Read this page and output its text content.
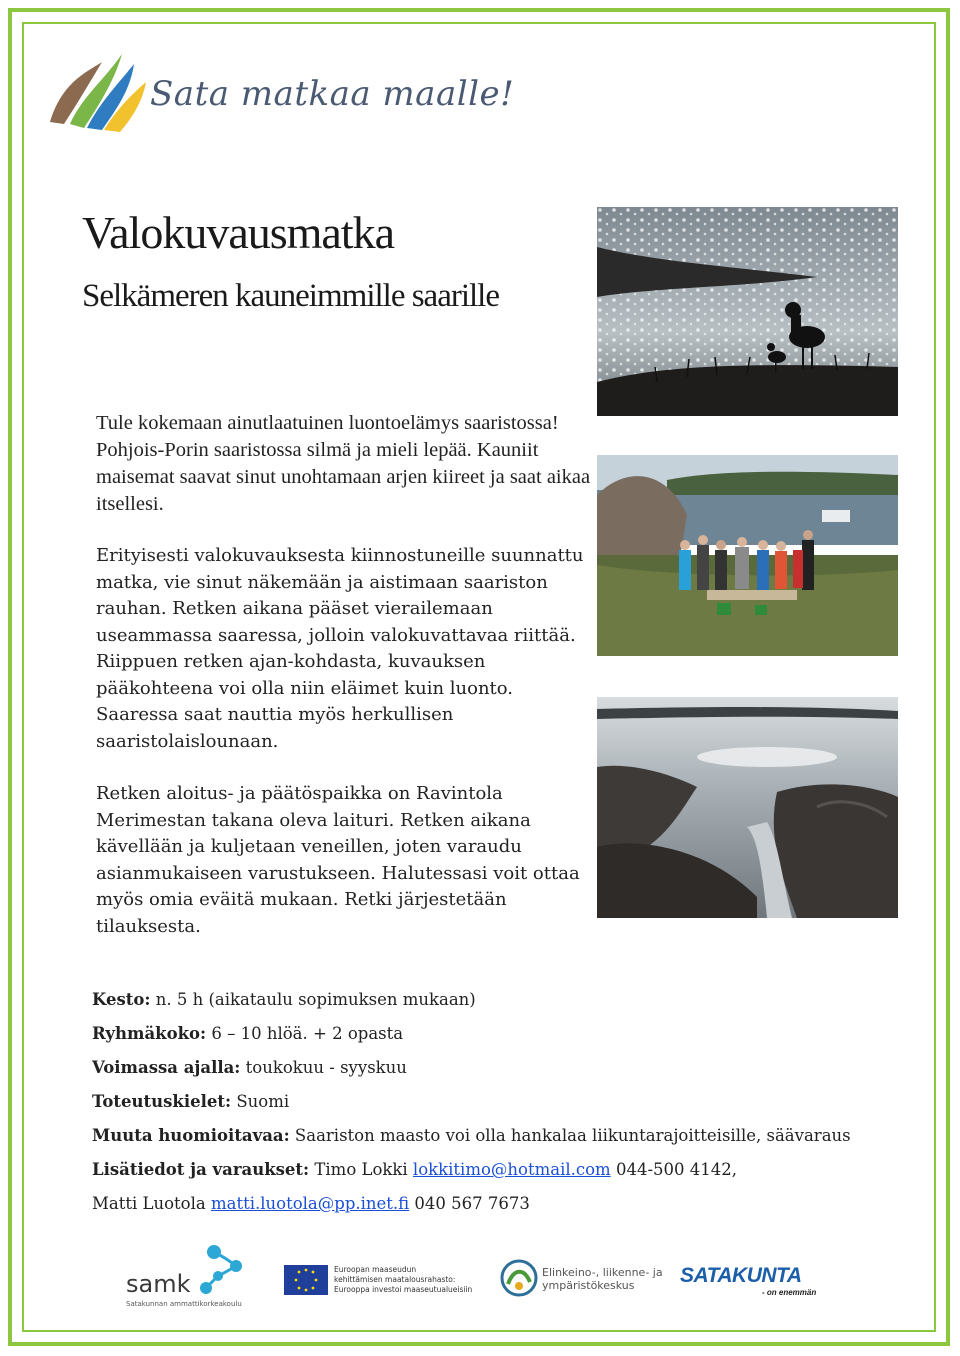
Sata matkaa maalle!
Valokuvausmatka
Selkämeren kauneimmille saarille
Tule kokemaan ainutlaatuinen luontoelämys saaristossa! Pohjois-Porin saaristossa silmä ja mieli lepää. Kauniit maisemat saavat sinut unohtamaan arjen kiireet ja saat aikaa itsellesi.
Erityisesti valokuvauksesta kiinnostuneille suunnattu matka, vie sinut näkemään ja aistimaan saariston rauhan. Retken aikana pääset vierailemaan useammassa saaressa, jolloin valokuvattavaa riittää. Riippuen retken ajan-kohdasta, kuvauksen pääkohteena voi olla niin eläimet kuin luonto. Saaressa saat nauttia myös herkullisen saaristolaislounaan.
Retken aloitus- ja päätöspaikka on Ravintola Merimestan takana oleva laituri. Retken aikana kävellään ja kuljetaan veneillen, joten varaudu asianmukaiseen varustukseen. Halutessasi voit ottaa myös omia eväitä mukaan. Retki järjestetään tilauksesta.
Kesto: n. 5 h (aikataulu sopimuksen mukaan)
Ryhmäkoko: 6 – 10 hlöä. + 2 opasta
Voimassa ajalla: toukokuu - syyskuu
Toteutuskielet: Suomi
Muuta huomioitavaa: Saariston maasto voi olla hankalaa liikuntarajoitteisille, säävaraus
Lisätiedot ja varaukset: Timo Lokki lokkitimo@hotmail.com 044-500 4142,
Matti Luotola matti.luotola@pp.inet.fi 040 567 7673
samk
Satakunnan ammattikorkeakoulu
Euroopan maaseudun
kehittämisen maatalousrahasto:
Eurooppa investoi maaseutualueisiin
Elinkeino-, liikenne- ja
ympäristökeskus	SATAKUNTA
- on enemmän
